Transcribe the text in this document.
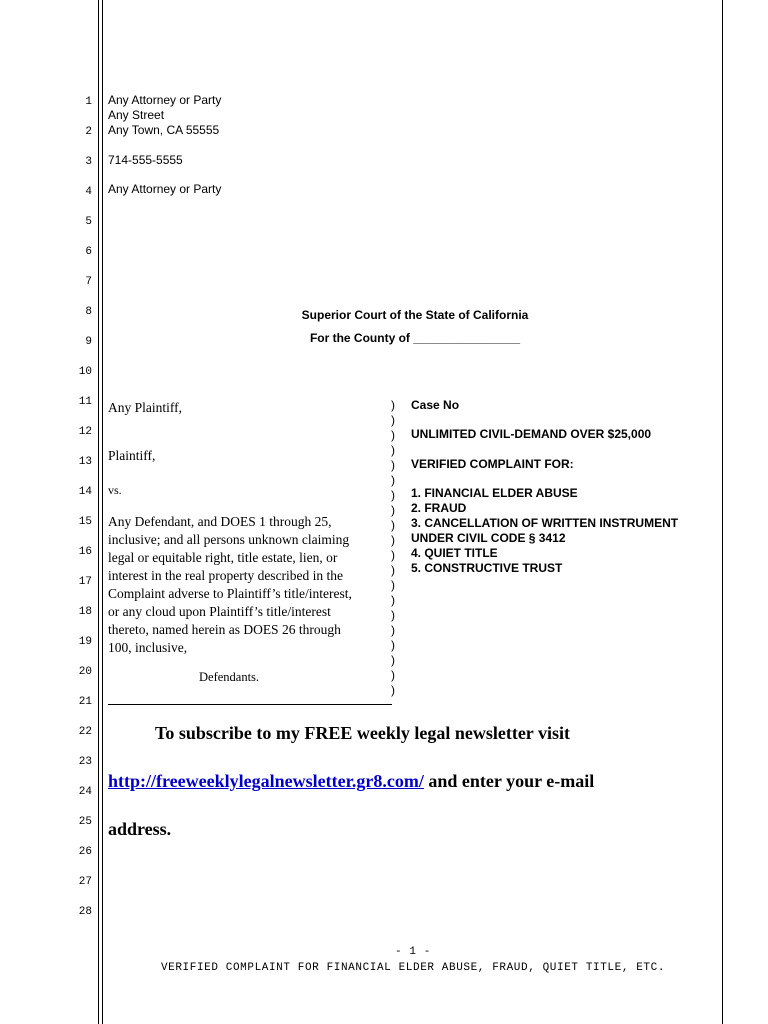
1
2
3
4
5
6
7
8
9
10
11
12
13
14
15
16
17
18
19
20
21
22
23
24
25
26
27
28
Any Attorney or Party
Any Street
Any Town, CA 55555
714-555-5555
Any Attorney or Party
Superior Court of the State of California
For the County of ________________
Any Plaintiff,
Plaintiff,
vs.
Any Defendant, and DOES 1 through 25,
inclusive; and all persons unknown claiming
legal or equitable right, title estate, lien, or
interest in the real property described in the
Complaint adverse to Plaintiff’s title/interest,
or any cloud upon Plaintiff’s title/interest
thereto, named herein as DOES 26 through
100, inclusive,
Defendants.
)
)
)
)
)
)
)
)
)
)
)
)
)
)
)
)
)
)
)
)
Case No
UNLIMITED CIVIL-DEMAND OVER $25,000
VERIFIED COMPLAINT FOR:
1. FINANCIAL ELDER ABUSE
2. FRAUD
3. CANCELLATION OF WRITTEN INSTRUMENT
UNDER CIVIL CODE § 3412
4. QUIET TITLE
5. CONSTRUCTIVE TRUST
To subscribe to my FREE weekly legal newsletter visit
http://freeweeklylegalnewsletter.gr8.com/ and enter your e-mail
address.
- 1 -
VERIFIED COMPLAINT FOR FINANCIAL ELDER ABUSE, FRAUD, QUIET TITLE, ETC.
